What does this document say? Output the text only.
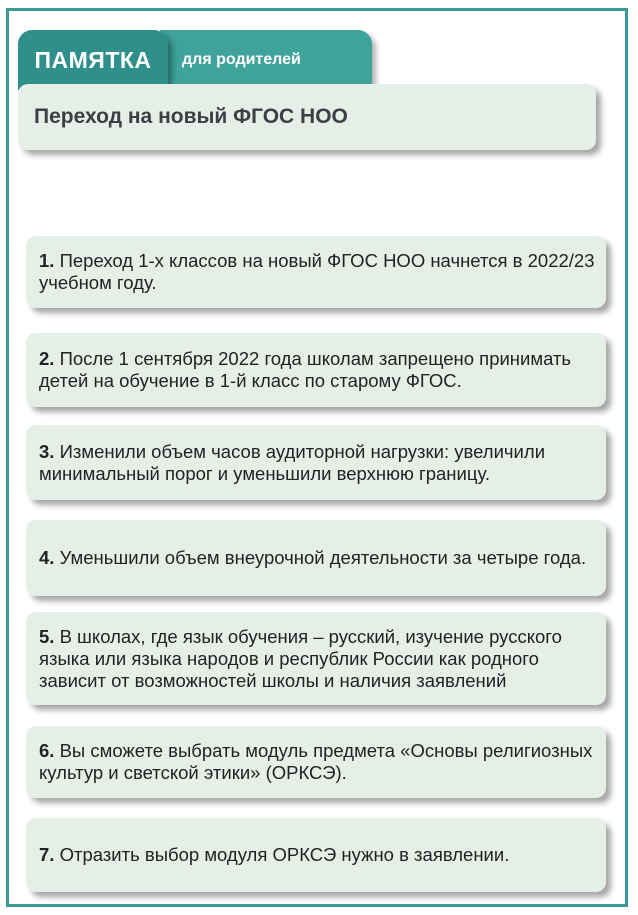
ПАМЯТКА для родителей
Переход на новый ФГОС НОО
1. Переход 1-х классов на новый ФГОС НОО начнется в 2022/23 учебном году.
2. После 1 сентября 2022 года школам запрещено принимать детей на обучение в 1-й класс по старому ФГОС.
3. Изменили объем часов аудиторной нагрузки: увеличили минимальный порог и уменьшили верхнюю границу.
4. Уменьшили объем внеурочной деятельности за четыре года.
5. В школах, где язык обучения – русский, изучение русского языка или языка народов и республик России как родного зависит от возможностей школы и наличия заявлений
6. Вы сможете выбрать модуль предмета «Основы религиозных культур и светской этики» (ОРКСЭ).
7. Отразить выбор модуля ОРКСЭ нужно в заявлении.
